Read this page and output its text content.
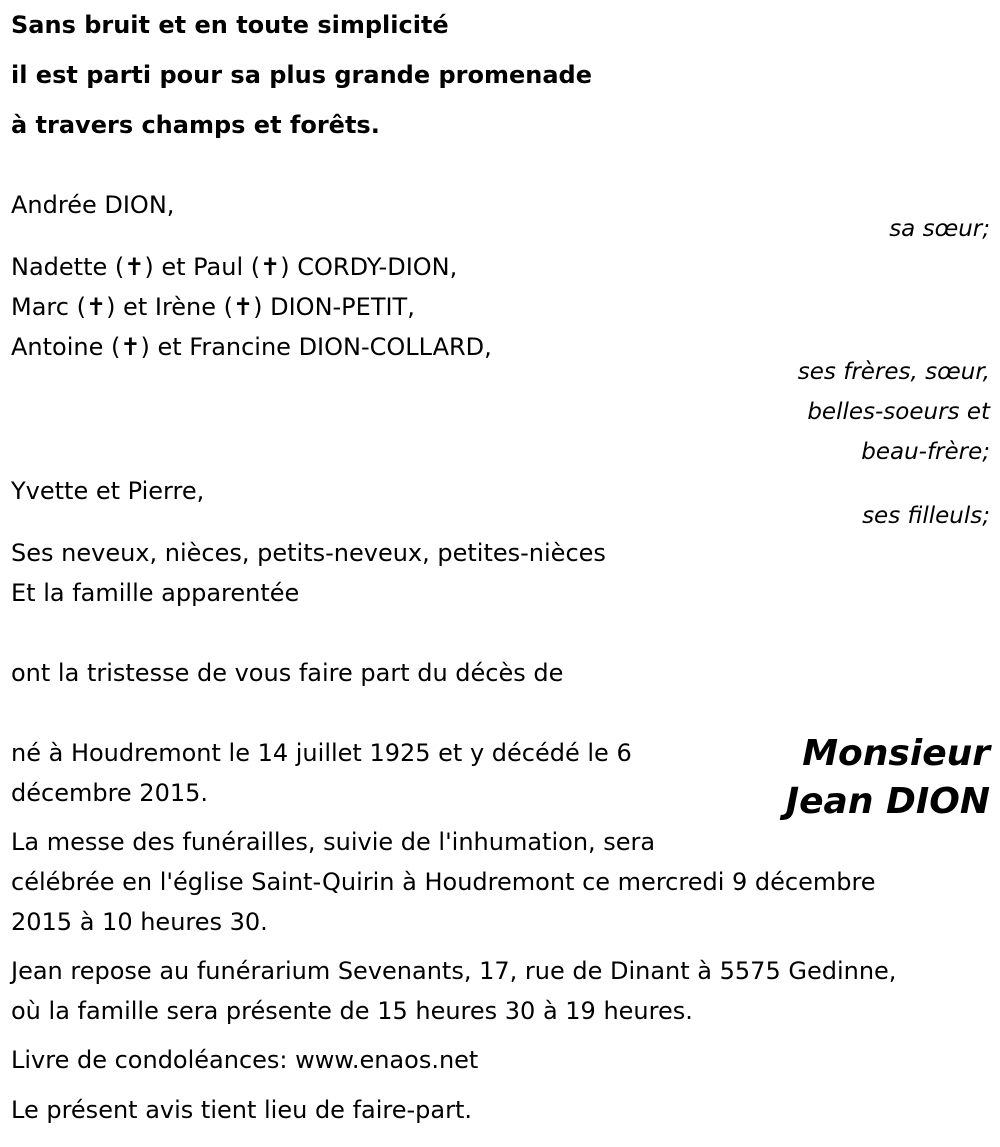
Sans bruit et en toute simplicité
il est parti pour sa plus grande promenade
à travers champs et forêts.
Andrée DION,
sa sœur;
Nadette (✝) et Paul (✝) CORDY-DION,
Marc (✝) et Irène (✝) DION-PETIT,
Antoine (✝) et Francine DION-COLLARD,
ses frères, sœur,
belles-soeurs et
beau-frère;
Yvette et Pierre,
ses filleuls;
Ses neveux, nièces, petits-neveux, petites-nièces
Et la famille apparentée
ont la tristesse de vous faire part du décès de
Monsieur
Jean DION
né à Houdremont le 14 juillet 1925 et y décédé le 6
décembre 2015.
La messe des funérailles, suivie de l'inhumation, sera
célébrée en l'église Saint-Quirin à Houdremont ce mercredi 9 décembre
2015 à 10 heures 30.
Jean repose au funérarium Sevenants, 17, rue de Dinant à 5575 Gedinne,
où la famille sera présente de 15 heures 30 à 19 heures.
Livre de condoléances: www.enaos.net
Le présent avis tient lieu de faire-part.
